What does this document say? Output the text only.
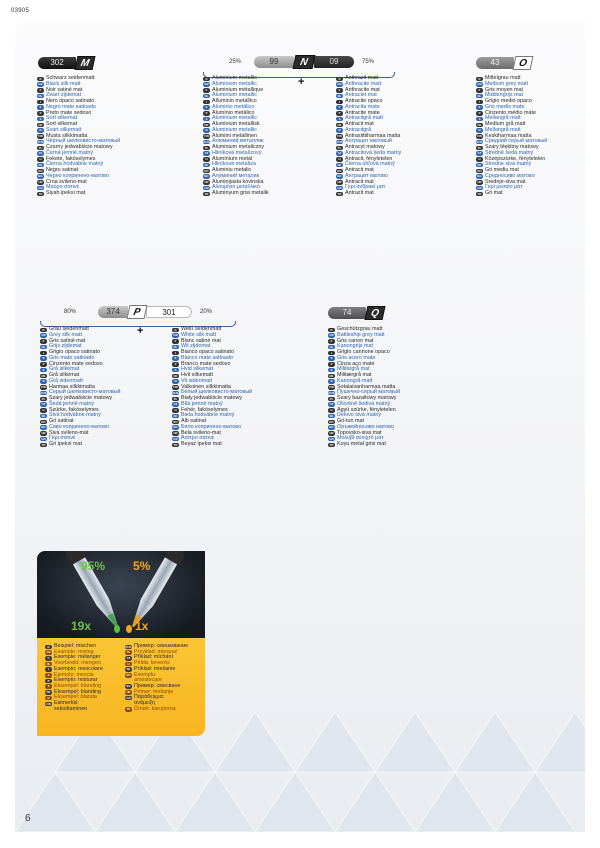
03905
6
302	M
D Schwarz seidenmatt
GB Black silk matt
F Noir satiné mat
NL Zwart zijdemat
I Nero opaco satinato
E Negro mate satinado
P Preto mate sedoso
S Sort silkemat
DK Sort silkemat
N Svart silkematt
FIN Musta silkkimatta
RUS Чёрный шелковисто-матовый
PL Czarny jedwabiście matowy
CZ Černá jemně matný
H Fekete, fakóselymes
SK Čierna hodvábne matný
RO Negru satinat
BG Черно копринено-матово
HR Crna svileno-mat
GR Μαύρο σατινέ
TR Siyah ipeksi mat
25%	99	N	09	75%
+
D Aluminium metallic
GB Aluminium metallic
F Aluminium métallique
NL Aluminium metallic
I Alluminio metallico
E Aluminio metálico
P Alumínio metálico
S Aluminium metallic
DK Aluminium metallisk
N Aluminium metallic
FIN Alumiini metallinen
RUS Алюминий металлик
PL Aluminium metaliczny
CZ Hliníková metalízový
H Alumínium metál
SK Hliníková metalíza
RO Aluminiu metalic
BG Алуминий металик
HR Aluminijasta kovinska
GR Αλουμίνιο μεταλλικό
TR Aluminyum grisi metalik
D Anthrazit matt
GB Anthracite matt
F Anthracite mat
NL Antraciet mat
I Antracite opaco
E Antracita mate
P Antracite mate
S Antracitgrå matt
DK Antracit mat
N Antracitgrå
FIN Antrasiittiharmaa matta
RUS Антрацит матовый
PL Antracyt matowy
CZ Antracitová šedá matný
H Antracit, fényletelen
SK Čierna uhľová matný
RO Antracit mat
BG Антрацит матово
HR Antracit mat
GR Γκρι ανθρακί ματ
TR Antrazit mat
43	O
D Mittelgrau matt
GB Medium grey matt
F Gris moyen mat
NL Middengrijs mat
I Grigio medio opaco
E Gris medio mate
P Cinzento médio mate
S Mellangrå matt
DK Medium grå matt
N Mellangrå matt
FIN Keskiharmaa matta
RUS Средний серый матовый
PL Szary błękitny matowy
CZ Středně šedá matný
H Középszürke, fényletelen
SK Stredne sivá matný
RO Gri mediu mat
BG Средносиво матово
HR Srednje-siva mat
GR Γκρι μεσαίο ματ
TR Gri mat
80%	374	P	301	20%
+
D Grau seidenmatt
GB Grey silk matt
F Gris satiné mat
NL Grijs zijdemat
I Grigio opaco satinato
E Gris mate satinado
P Cinzento mate sedoso
S Grå silkemat
DK Grå silkemat
N Grå sidenmatt
FIN Harmaa silkkimatta
RUS Серый шелковисто-матовый
PL Szary jedwabiście matowy
CZ Šedá jemně matný
H Szürke, fakóselymes
SK Sivá hodvábne matný
RO Gri satinat
BG Сиво копринено-матово
HR Siva svileno-mat
GR Γκρι σατινέ
TR Gri ipeksi mat
D Weiß seidenmatt
GB White silk matt
F Blanc satiné mat
NL Wit zijdemat
I Bianco opaco satinato
E Blanco mate satinado
P Branco mate sedoso
S Hvid silkemat
DK Hvit silkematt
N Vit sidenmatt
FIN Valkoinen silkkimatta
RUS Белый шелковисто-матовый
PL Biały jedwabiście matowy
CZ Bílá jemně matný
H Fehér, fakóselymes
SK Biela hodvábne matný
RO Alb satinat
BG Бяло копринено-матово
HR Bela svileno-mat
GR Άσπρο σατινέ
TR Beyaz ipeksi mat
74	Q
D Geschützgrau matt
GB Battleship grey matt
F Gris canon mat
NL Kanongrijs mat
I Grigio cannone opaco
E Gris acero mate
P Cinza aço mate
S Militärgrå mat
DK Militærgrå mat
N Kanongrå matt
FIN Sotalaivanharmaa matta
RUS Пушечно-серый матовый
PL Szary bazaltowy matowy
CZ Olověně šedivá matný
H Ágyú szürke, fényletelen
SK Delovo sivá matný
RO Gri-tun mat
BG Оръжейносиво матово
HR Topovsko-siva mat
GR Μολυβί ανοιχτό ματ
TR Koyu metal grisi mat
95% 5%
19x	1x
D Beispiel: mischen
GB Example: mixing
F Exemple: mélanger
NL Voorbeeld: mengen
I Esempio: mescolare
E Ejemplo: mezcla
P Exemplo: misturar
S Eksempel: blanding
DK Eksempel: blanding
N Eksempel: blanda
FIN Esimerkki:
sekoittaminen
RUS Пример: смешивание
PL Przykład: mieszać
CZ Příklad: míchání
H Példa: keverés
SK Príklad: miešanie
RO Exemplu:
amestecare
BG Пример: смесване
HR Primer: mešanje
GR Παράδειγμα:
ανάμειξη
TR Örnek: karıştırma
